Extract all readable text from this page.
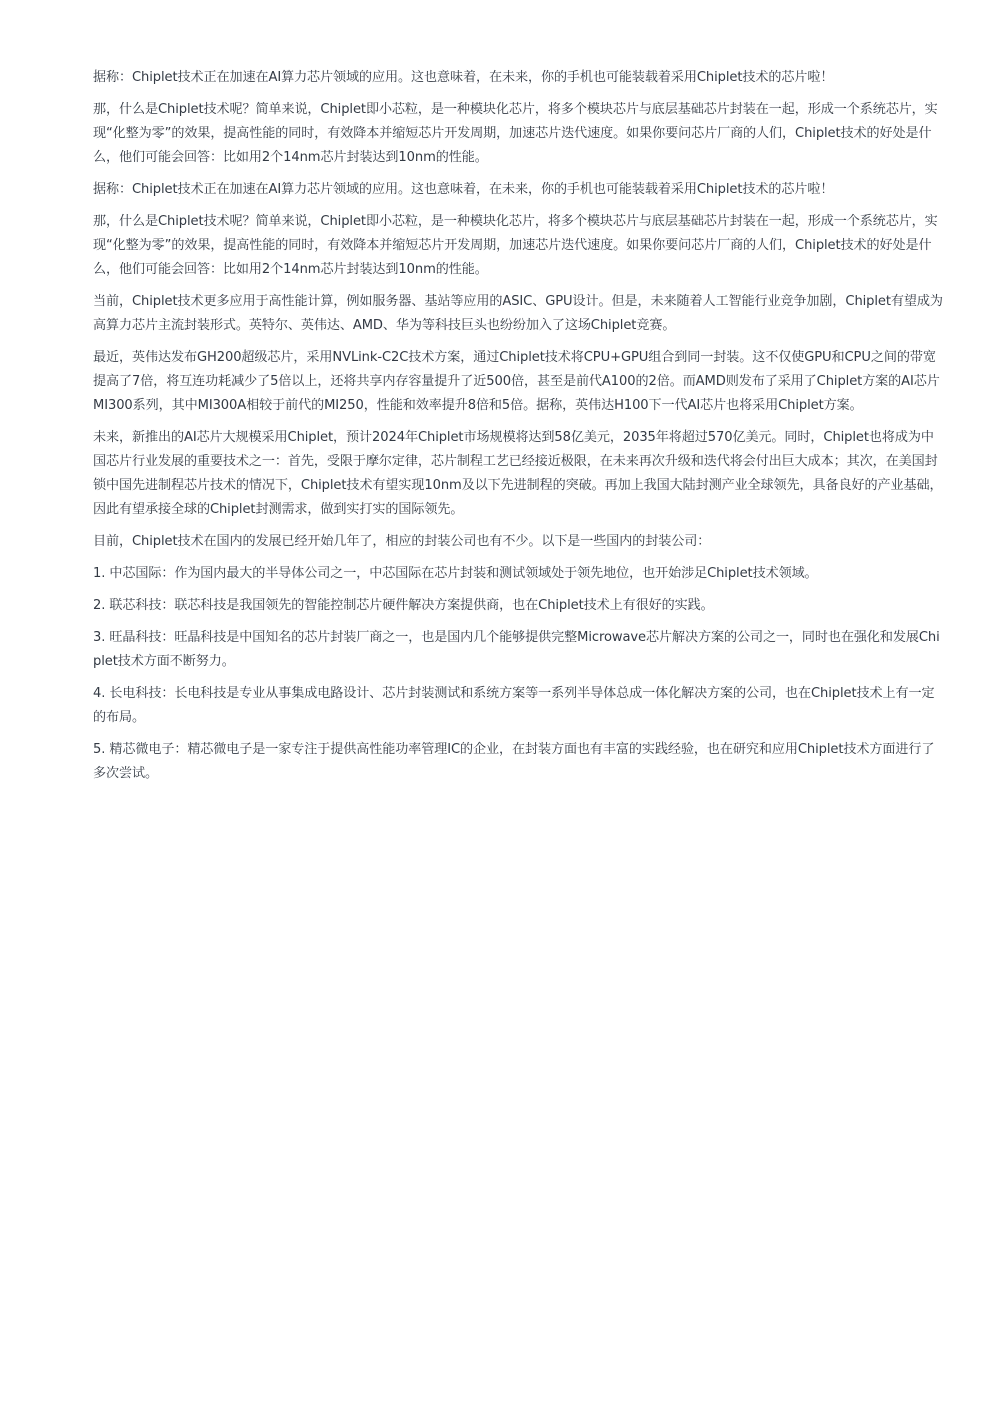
据称：Chiplet技术正在加速在AI算力芯片领域的应用。这也意味着，在未来，你的手机也可能装载着采用Chiplet技术的芯片啦！

那，什么是Chiplet技术呢？简单来说，Chiplet即小芯粒，是一种模块化芯片，将多个模块芯片与底层基础芯片封装在一起，形成一个系统芯片，实现“化整为零”的效果，提高性能的同时，有效降本并缩短芯片开发周期，加速芯片迭代速度。如果你要问芯片厂商的人们，Chiplet技术的好处是什么，他们可能会回答：比如用2个14nm芯片封装达到10nm的性能。

据称：Chiplet技术正在加速在AI算力芯片领域的应用。这也意味着，在未来，你的手机也可能装载着采用Chiplet技术的芯片啦！

那，什么是Chiplet技术呢？简单来说，Chiplet即小芯粒，是一种模块化芯片，将多个模块芯片与底层基础芯片封装在一起，形成一个系统芯片，实现“化整为零”的效果，提高性能的同时，有效降本并缩短芯片开发周期，加速芯片迭代速度。如果你要问芯片厂商的人们，Chiplet技术的好处是什么，他们可能会回答：比如用2个14nm芯片封装达到10nm的性能。

当前，Chiplet技术更多应用于高性能计算，例如服务器、基站等应用的ASIC、GPU设计。但是，未来随着人工智能行业竞争加剧，Chiplet有望成为高算力芯片主流封装形式。英特尔、英伟达、AMD、华为等科技巨头也纷纷加入了这场Chiplet竞赛。

最近，英伟达发布GH200超级芯片，采用NVLink-C2C技术方案，通过Chiplet技术将CPU+GPU组合到同一封装。这不仅使GPU和CPU之间的带宽提高了7倍，将互连功耗减少了5倍以上，还将共享内存容量提升了近500倍，甚至是前代A100的2倍。而AMD则发布了采用了Chiplet方案的AI芯片MI300系列，其中MI300A相较于前代的MI250，性能和效率提升8倍和5倍。据称，英伟达H100下一代AI芯片也将采用Chiplet方案。

未来，新推出的AI芯片大规模采用Chiplet，预计2024年Chiplet市场规模将达到58亿美元，2035年将超过570亿美元。同时，Chiplet也将成为中国芯片行业发展的重要技术之一：首先，受限于摩尔定律，芯片制程工艺已经接近极限，在未来再次升级和迭代将会付出巨大成本；其次，在美国封锁中国先进制程芯片技术的情况下，Chiplet技术有望实现10nm及以下先进制程的突破。再加上我国大陆封测产业全球领先，具备良好的产业基础，因此有望承接全球的Chiplet封测需求，做到实打实的国际领先。

目前，Chiplet技术在国内的发展已经开始几年了，相应的封装公司也有不少。以下是一些国内的封装公司：

1. 中芯国际：作为国内最大的半导体公司之一，中芯国际在芯片封装和测试领域处于领先地位，也开始涉足Chiplet技术领域。

2. 联芯科技：联芯科技是我国领先的智能控制芯片硬件解决方案提供商，也在Chiplet技术上有很好的实践。

3. 旺晶科技：旺晶科技是中国知名的芯片封装厂商之一，也是国内几个能够提供完整Microwave芯片解决方案的公司之一，同时也在强化和发展Chiplet技术方面不断努力。

4. 长电科技：长电科技是专业从事集成电路设计、芯片封装测试和系统方案等一系列半导体总成一体化解决方案的公司，也在Chiplet技术上有一定的布局。

5. 精芯微电子：精芯微电子是一家专注于提供高性能功率管理IC的企业，在封装方面也有丰富的实践经验，也在研究和应用Chiplet技术方面进行了多次尝试。
